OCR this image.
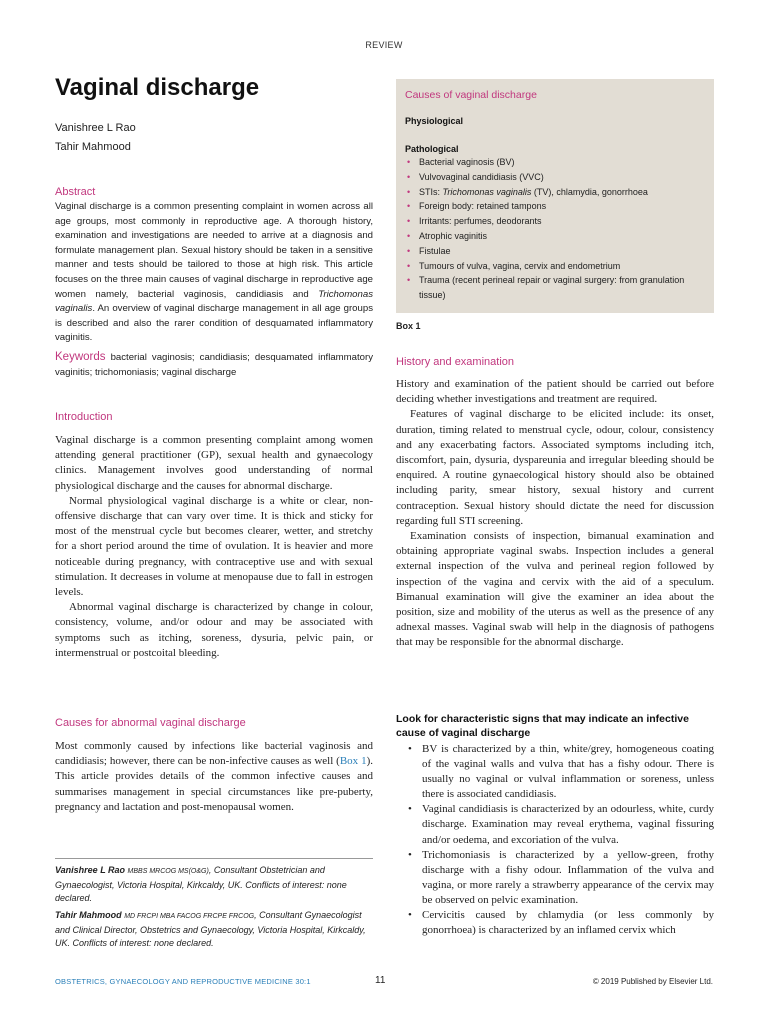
REVIEW
Vaginal discharge
Vanishree L Rao
Tahir Mahmood
Abstract
Vaginal discharge is a common presenting complaint in women across all age groups, most commonly in reproductive age. A thorough history, examination and investigations are needed to arrive at a diagnosis and formulate management plan. Sexual history should be taken in a sensitive manner and tests should be tailored to those at high risk. This article focuses on the three main causes of vaginal discharge in reproductive age women namely, bacterial vaginosis, candidiasis and Trichomonas vaginalis. An overview of vaginal discharge management in all age groups is described and also the rarer condition of desquamated inflammatory vaginitis.
Keywords bacterial vaginosis; candidiasis; desquamated inflammatory vaginitis; trichomoniasis; vaginal discharge
Introduction

Vaginal discharge is a common presenting complaint among women attending general practitioner (GP), sexual health and gynaecology clinics. Management involves good understanding of normal physiological discharge and the causes for abnormal discharge.

Normal physiological vaginal discharge is a white or clear, non-offensive discharge that can vary over time. It is thick and sticky for most of the menstrual cycle but becomes clearer, wetter, and stretchy for a short period around the time of ovulation. It is heavier and more noticeable during pregnancy, with contraceptive use and with sexual stimulation. It decreases in volume at menopause due to fall in estrogen levels.

Abnormal vaginal discharge is characterized by change in colour, consistency, volume, and/or odour and may be associated with symptoms such as itching, soreness, dysuria, pelvic pain, or intermenstrual or postcoital bleeding.

Causes for abnormal vaginal discharge
Most commonly caused by infections like bacterial vaginosis and candidiasis; however, there can be non-infective causes as well (Box 1). This article provides details of the common infective causes and summarises management in special circumstances like pre-puberty, pregnancy and lactation and post-menopausal women.
Vanishree L Rao MBBS MRCOG MS(O&G), Consultant Obstetrician and Gynaecologist, Victoria Hospital, Kirkcaldy, UK. Conflicts of interest: none declared.
Tahir Mahmood MD FRCPI MBA FACOG FRCPE FRCOG, Consultant Gynaecologist and Clinical Director, Obstetrics and Gynaecology, Victoria Hospital, Kirkcaldy, UK. Conflicts of interest: none declared.
Causes of vaginal discharge
Physiological
Pathological
• Bacterial vaginosis (BV)
• Vulvovaginal candidiasis (VVC)
• STIs: Trichomonas vaginalis (TV), chlamydia, gonorrhoea
• Foreign body: retained tampons
• Irritants: perfumes, deodorants
• Atrophic vaginitis
• Fistulae
• Tumours of vulva, vagina, cervix and endometrium
• Trauma (recent perineal repair or vaginal surgery: from granulation tissue)
Box 1
History and examination

History and examination of the patient should be carried out before deciding whether investigations and treatment are required.

Features of vaginal discharge to be elicited include: its onset, duration, timing related to menstrual cycle, odour, colour, consistency and any exacerbating factors. Associated symptoms including itch, discomfort, pain, dysuria, dyspareunia and irregular bleeding should be enquired. A routine gynaecological history should also be obtained including parity, smear history, sexual history and current contraception. Sexual history should dictate the need for discussion regarding full STI screening.

Examination consists of inspection, bimanual examination and obtaining appropriate vaginal swabs. Inspection includes a general external inspection of the vulva and perineal region followed by inspection of the vagina and cervix with the aid of a speculum. Bimanual examination will give the examiner an idea about the position, size and mobility of the uterus as well as the presence of any adnexal masses. Vaginal swab will help in the diagnosis of pathogens that may be responsible for the abnormal discharge.

Look for characteristic signs that may indicate an infective cause of vaginal discharge
• BV is characterized by a thin, white/grey, homogeneous coating of the vaginal walls and vulva that has a fishy odour. There is usually no vaginal or vulval inflammation or soreness, unless there is associated candidiasis.
• Vaginal candidiasis is characterized by an odourless, white, curdy discharge. Examination may reveal erythema, vaginal fissuring and/or oedema, and excoriation of the vulva.
• Trichomoniasis is characterized by a yellow-green, frothy discharge with a fishy odour. Inflammation of the vulva and vagina, or more rarely a strawberry appearance of the cervix may be observed on pelvic examination.
• Cervicitis caused by chlamydia (or less commonly by gonorrhoea) is characterized by an inflamed cervix which
OBSTETRICS, GYNAECOLOGY AND REPRODUCTIVE MEDICINE 30:1	11	© 2019 Published by Elsevier Ltd.
